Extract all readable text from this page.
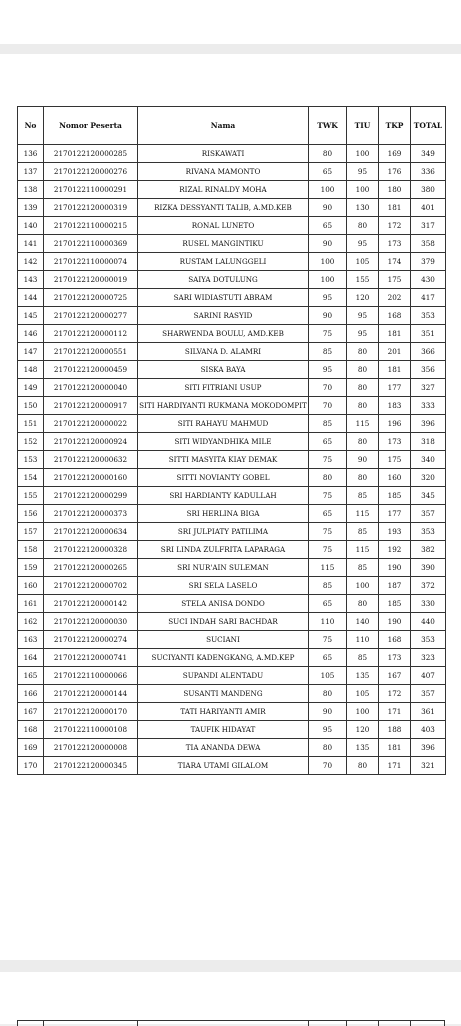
No	Nomor Peserta	Nama	TWK	TIU	TKP	TOTAL
136	2170122120000285	RISKAWATI	80	100	169	349
137	2170122120000276	RIVANA MAMONTO	65	95	176	336
138	2170122110000291	RIZAL RINALDY MOHA	100	100	180	380
139	2170122120000319	RIZKA DESSYANTI TALIB, A.MD.KEB	90	130	181	401
140	2170122110000215	RONAL LUNETO	65	80	172	317
141	2170122110000369	RUSEL MANGINTIKU	90	95	173	358
142	2170122110000074	RUSTAM LALUNGGELI	100	105	174	379
143	2170122120000019	SAIYA DOTULUNG	100	155	175	430
144	2170122120000725	SARI WIDIASTUTI ABRAM	95	120	202	417
145	2170122120000277	SARINI RASYID	90	95	168	353
146	2170122120000112	SHARWENDA BOULU, AMD.KEB	75	95	181	351
147	2170122120000551	SILVANA D. ALAMRI	85	80	201	366
148	2170122120000459	SISKA BAYA	95	80	181	356
149	2170122120000040	SITI FITRIANI USUP	70	80	177	327
150	2170122120000917	SITI HARDIYANTI RUKMANA MOKODOMPIT	70	80	183	333
151	2170122120000022	SITI RAHAYU MAHMUD	85	115	196	396
152	2170122120000924	SITI WIDYANDHIKA MILE	65	80	173	318
153	2170122120000632	SITTI MASYITA KIAY DEMAK	75	90	175	340
154	2170122120000160	SITTI NOVIANTY GOBEL	80	80	160	320
155	2170122120000299	SRI HARDIANTY KADULLAH	75	85	185	345
156	2170122120000373	SRI HERLINA BIGA	65	115	177	357
157	2170122120000634	SRI JULPIATY PATILIMA	75	85	193	353
158	2170122120000328	SRI LINDA ZULFRITA LAPARAGA	75	115	192	382
159	2170122120000265	SRI NUR'AIN SULEMAN	115	85	190	390
160	2170122120000702	SRI SELA LASELO	85	100	187	372
161	2170122120000142	STELA ANISA DONDO	65	80	185	330
162	2170122120000030	SUCI INDAH SARI BACHDAR	110	140	190	440
163	2170122120000274	SUCIANI	75	110	168	353
164	2170122120000741	SUCIYANTI KADENGKANG, A.MD.KEP	65	85	173	323
165	2170122110000066	SUPANDI ALENTADU	105	135	167	407
166	2170122120000144	SUSANTI MANDENG	80	105	172	357
167	2170122120000170	TATI HARIYANTI AMIR	90	100	171	361
168	2170122110000108	TAUFIK HIDAYAT	95	120	188	403
169	2170122120000008	TIA ANANDA DEWA	80	135	181	396
170	2170122120000345	TIARA UTAMI GILALOM	70	80	171	321
